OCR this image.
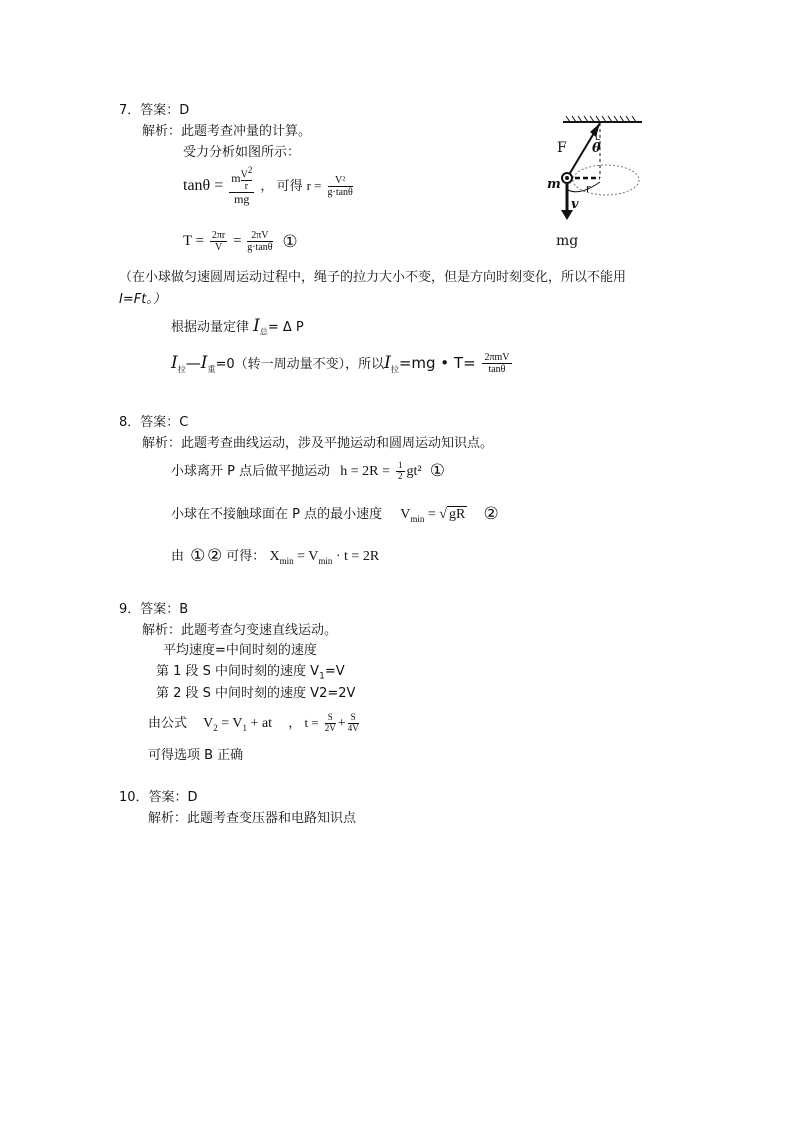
7．答案：D
解析：此题考查冲量的计算。
受力分析如图所示：
$\tan\theta = \frac{m \frac{V^2}{r}}{mg}$ ， 可得 $r = \frac{\text{V²}}{g\cdot\tan\theta}$
$T = \frac{2\pi r}{V} = \frac{2\pi V}{g\cdot\tan\theta}$ ①
F
L
θ
m r
v
mg
（在小球做匀速圆周运动过程中，绳子的拉力大小不变，但是方向时刻变化，所以不能用
I=Ft。）
根据动量定律 $I_总= \Delta$ P
$I_拉—I_重=0$（转一周动量不变），所以$I_拉=mg$ • $T= \frac{\text{2πmV}}{\tan\theta}$
8．答案：C
解析：此题考查曲线运动，涉及平抛运动和圆周运动知识点。
小球离开 P 点后做平抛运动 $h = 2R = \frac{1}{2} gt^2$ ①
小球在不接触球面在 P 点的最小速度 $V_{min}$ = √ gR ②
由 ① ② 可得： $X_{min} = V_{min} \cdot t = 2R$
9．答案：B
解析：此题考查匀变速直线运动。
平均速度=中间时刻的速度
第 1 段 S 中间时刻的速度 $V_1=V$
第 2 段 S 中间时刻的速度 V2=2V
由公式 $V_2 = V_1$ + at ， $t = \frac{S}{2V} + \frac{S}{4V}$
可得选项 B 正确
10．答案：D
解析：此题考查变压器和电路知识点
